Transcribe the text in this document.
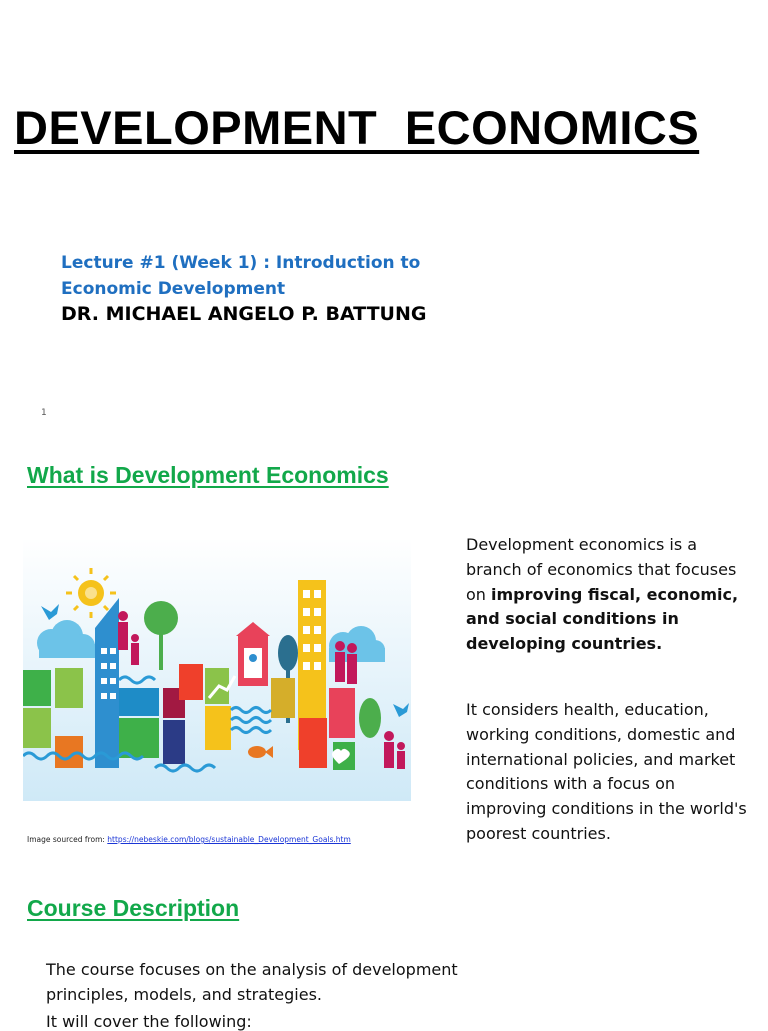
DEVELOPMENT ECONOMICS
Lecture #1 (Week 1) : Introduction to Economic Development
DR. MICHAEL ANGELO P. BATTUNG
1
What is Development Economics
Image sourced from: https://nebeskie.com/blogs/sustainable_Development_Goals.htm
Development economics is a branch of economics that focuses on improving fiscal, economic, and social conditions in developing countries.
It considers health, education, working conditions, domestic and international policies, and market conditions with a focus on improving conditions in the world's poorest countries.
Course Description
The course focuses on the analysis of development principles, models, and strategies.
It will cover the following:
